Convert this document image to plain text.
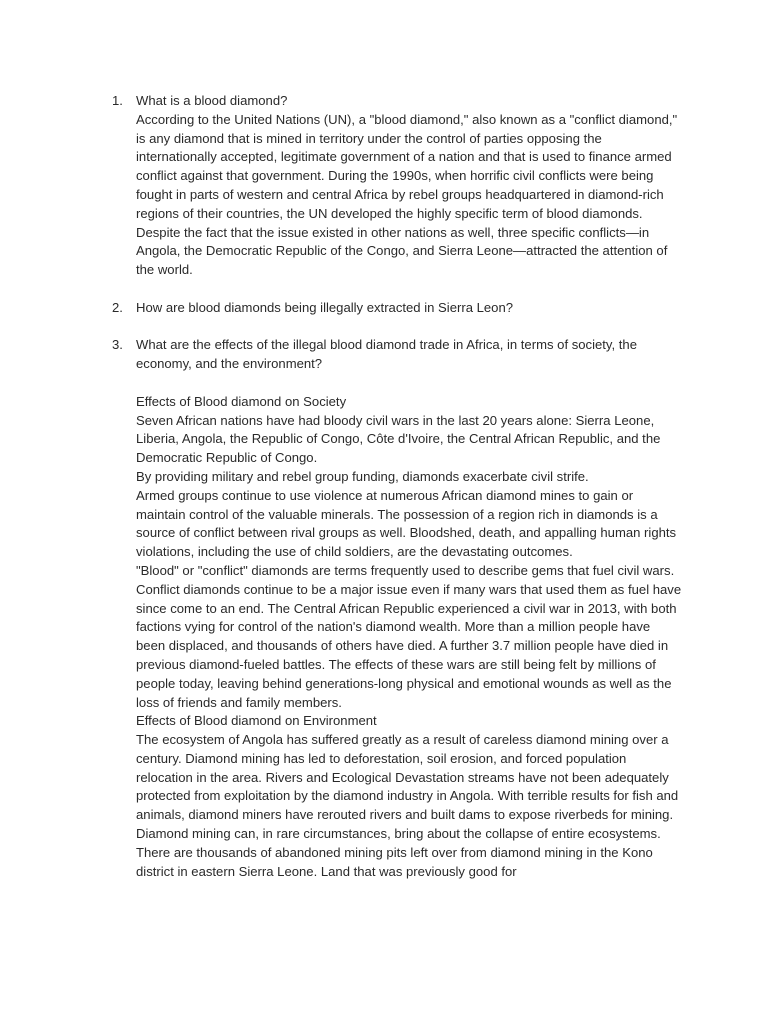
1. What is a blood diamond?

According to the United Nations (UN), a "blood diamond," also known as a "conflict diamond," is any diamond that is mined in territory under the control of parties opposing the internationally accepted, legitimate government of a nation and that is used to finance armed conflict against that government. During the 1990s, when horrific civil conflicts were being fought in parts of western and central Africa by rebel groups headquartered in diamond-rich regions of their countries, the UN developed the highly specific term of blood diamonds. Despite the fact that the issue existed in other nations as well, three specific conflicts—in Angola, the Democratic Republic of the Congo, and Sierra Leone—attracted the attention of the world.

2. How are blood diamonds being illegally extracted in Sierra Leon?

3. What are the effects of the illegal blood diamond trade in Africa, in terms of society, the economy, and the environment?

Effects of Blood diamond on Society

Seven African nations have had bloody civil wars in the last 20 years alone: Sierra Leone, Liberia, Angola, the Republic of Congo, Côte d'Ivoire, the Central African Republic, and the Democratic Republic of Congo.

By providing military and rebel group funding, diamonds exacerbate civil strife.

Armed groups continue to use violence at numerous African diamond mines to gain or maintain control of the valuable minerals. The possession of a region rich in diamonds is a source of conflict between rival groups as well. Bloodshed, death, and appalling human rights violations, including the use of child soldiers, are the devastating outcomes.

"Blood" or "conflict" diamonds are terms frequently used to describe gems that fuel civil wars. Conflict diamonds continue to be a major issue even if many wars that used them as fuel have since come to an end. The Central African Republic experienced a civil war in 2013, with both factions vying for control of the nation's diamond wealth. More than a million people have been displaced, and thousands of others have died. A further 3.7 million people have died in previous diamond-fueled battles. The effects of these wars are still being felt by millions of people today, leaving behind generations-long physical and emotional wounds as well as the loss of friends and family members.

Effects of Blood diamond on Environment

The ecosystem of Angola has suffered greatly as a result of careless diamond mining over a century. Diamond mining has led to deforestation, soil erosion, and forced population relocation in the area. Rivers and Ecological Devastation streams have not been adequately protected from exploitation by the diamond industry in Angola. With terrible results for fish and animals, diamond miners have rerouted rivers and built dams to expose riverbeds for mining.

Diamond mining can, in rare circumstances, bring about the collapse of entire ecosystems. There are thousands of abandoned mining pits left over from diamond mining in the Kono district in eastern Sierra Leone. Land that was previously good for
